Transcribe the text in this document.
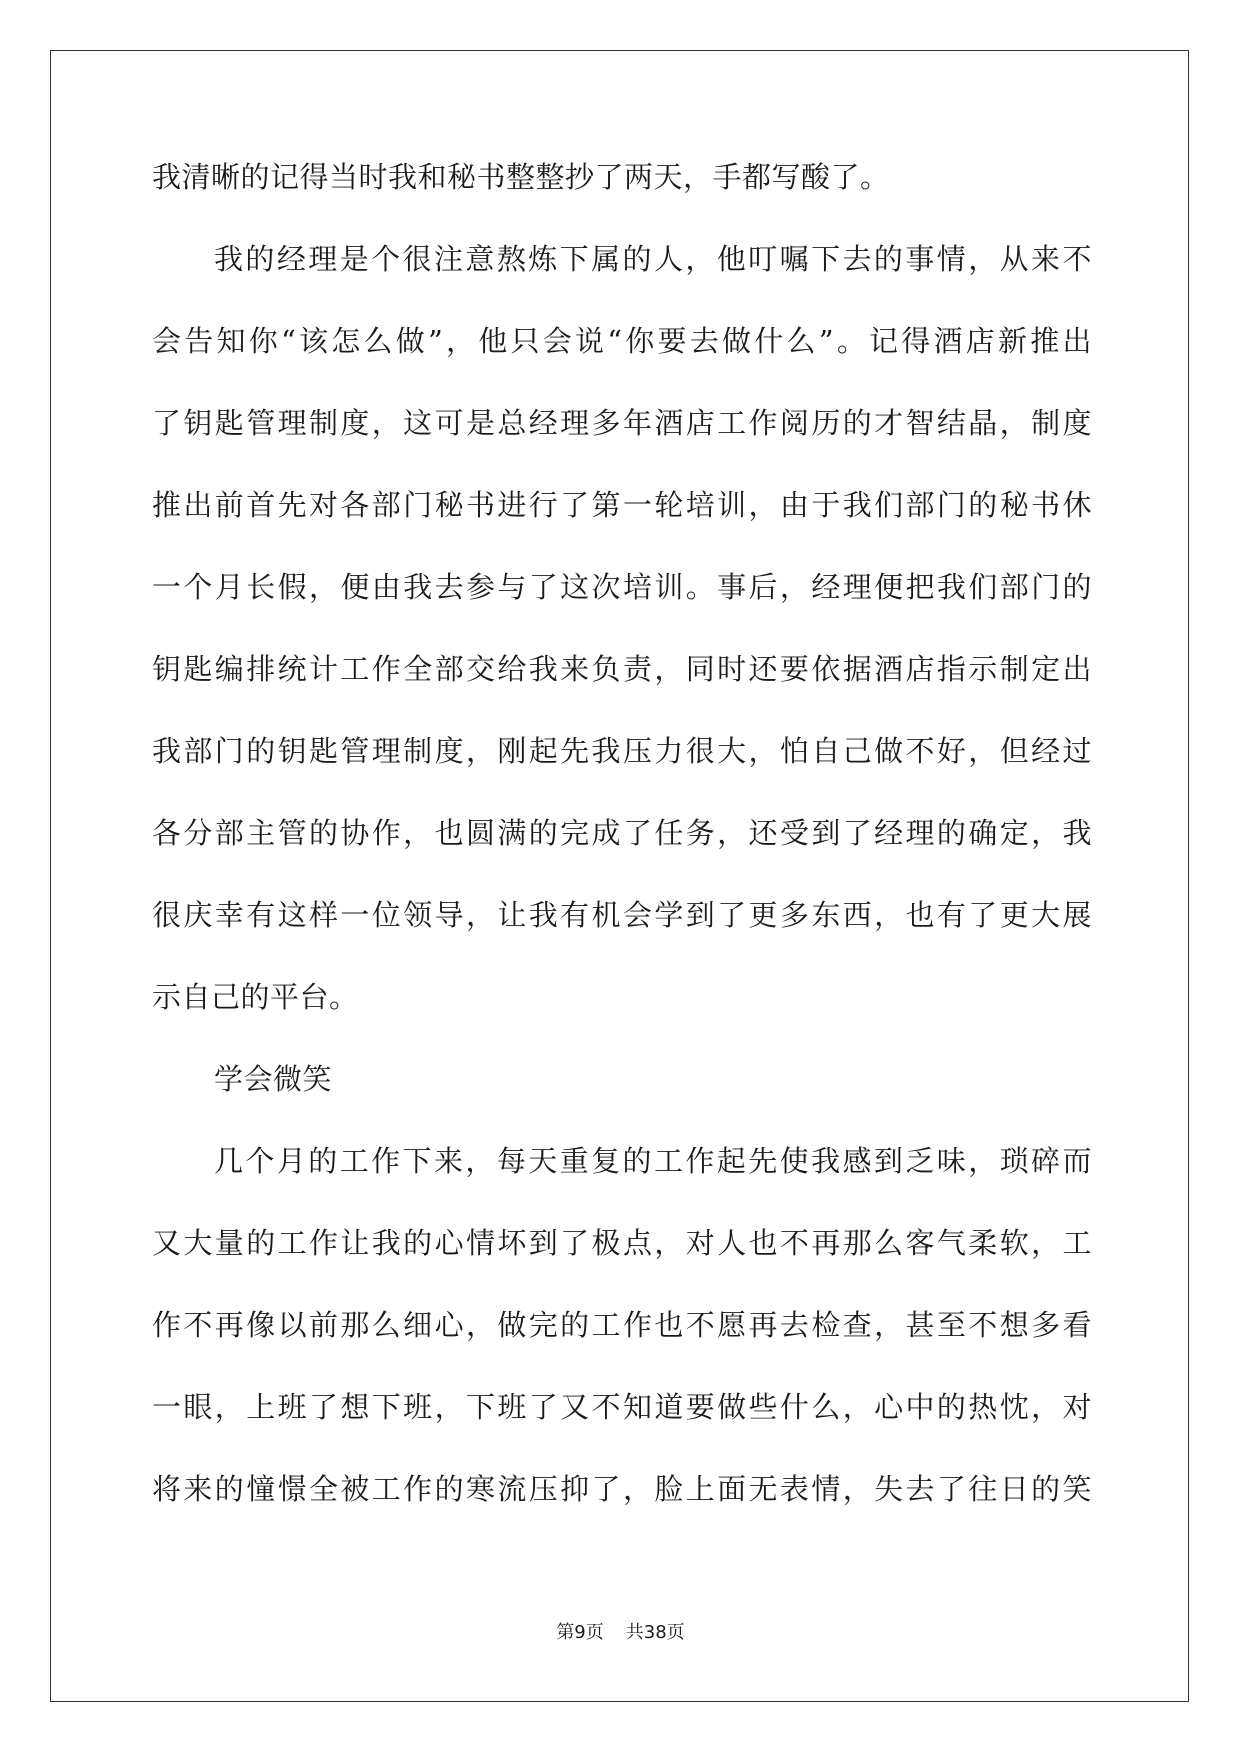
我清晰的记得当时我和秘书整整抄了两天，手都写酸了。
我的经理是个很注意熬炼下属的人，他叮嘱下去的事情，从来不
会告知你“该怎么做”，他只会说“你要去做什么”。记得酒店新推出
了钥匙管理制度，这可是总经理多年酒店工作阅历的才智结晶，制度
推出前首先对各部门秘书进行了第一轮培训，由于我们部门的秘书休
一个月长假，便由我去参与了这次培训。事后，经理便把我们部门的
钥匙编排统计工作全部交给我来负责，同时还要依据酒店指示制定出
我部门的钥匙管理制度，刚起先我压力很大，怕自己做不好，但经过
各分部主管的协作，也圆满的完成了任务，还受到了经理的确定，我
很庆幸有这样一位领导，让我有机会学到了更多东西，也有了更大展
示自己的平台。
学会微笑
几个月的工作下来，每天重复的工作起先使我感到乏味，琐碎而
又大量的工作让我的心情坏到了极点，对人也不再那么客气柔软，工
作不再像以前那么细心，做完的工作也不愿再去检查，甚至不想多看
一眼，上班了想下班，下班了又不知道要做些什么，心中的热忱，对
将来的憧憬全被工作的寒流压抑了，脸上面无表情，失去了往日的笑
第9页 共38页
